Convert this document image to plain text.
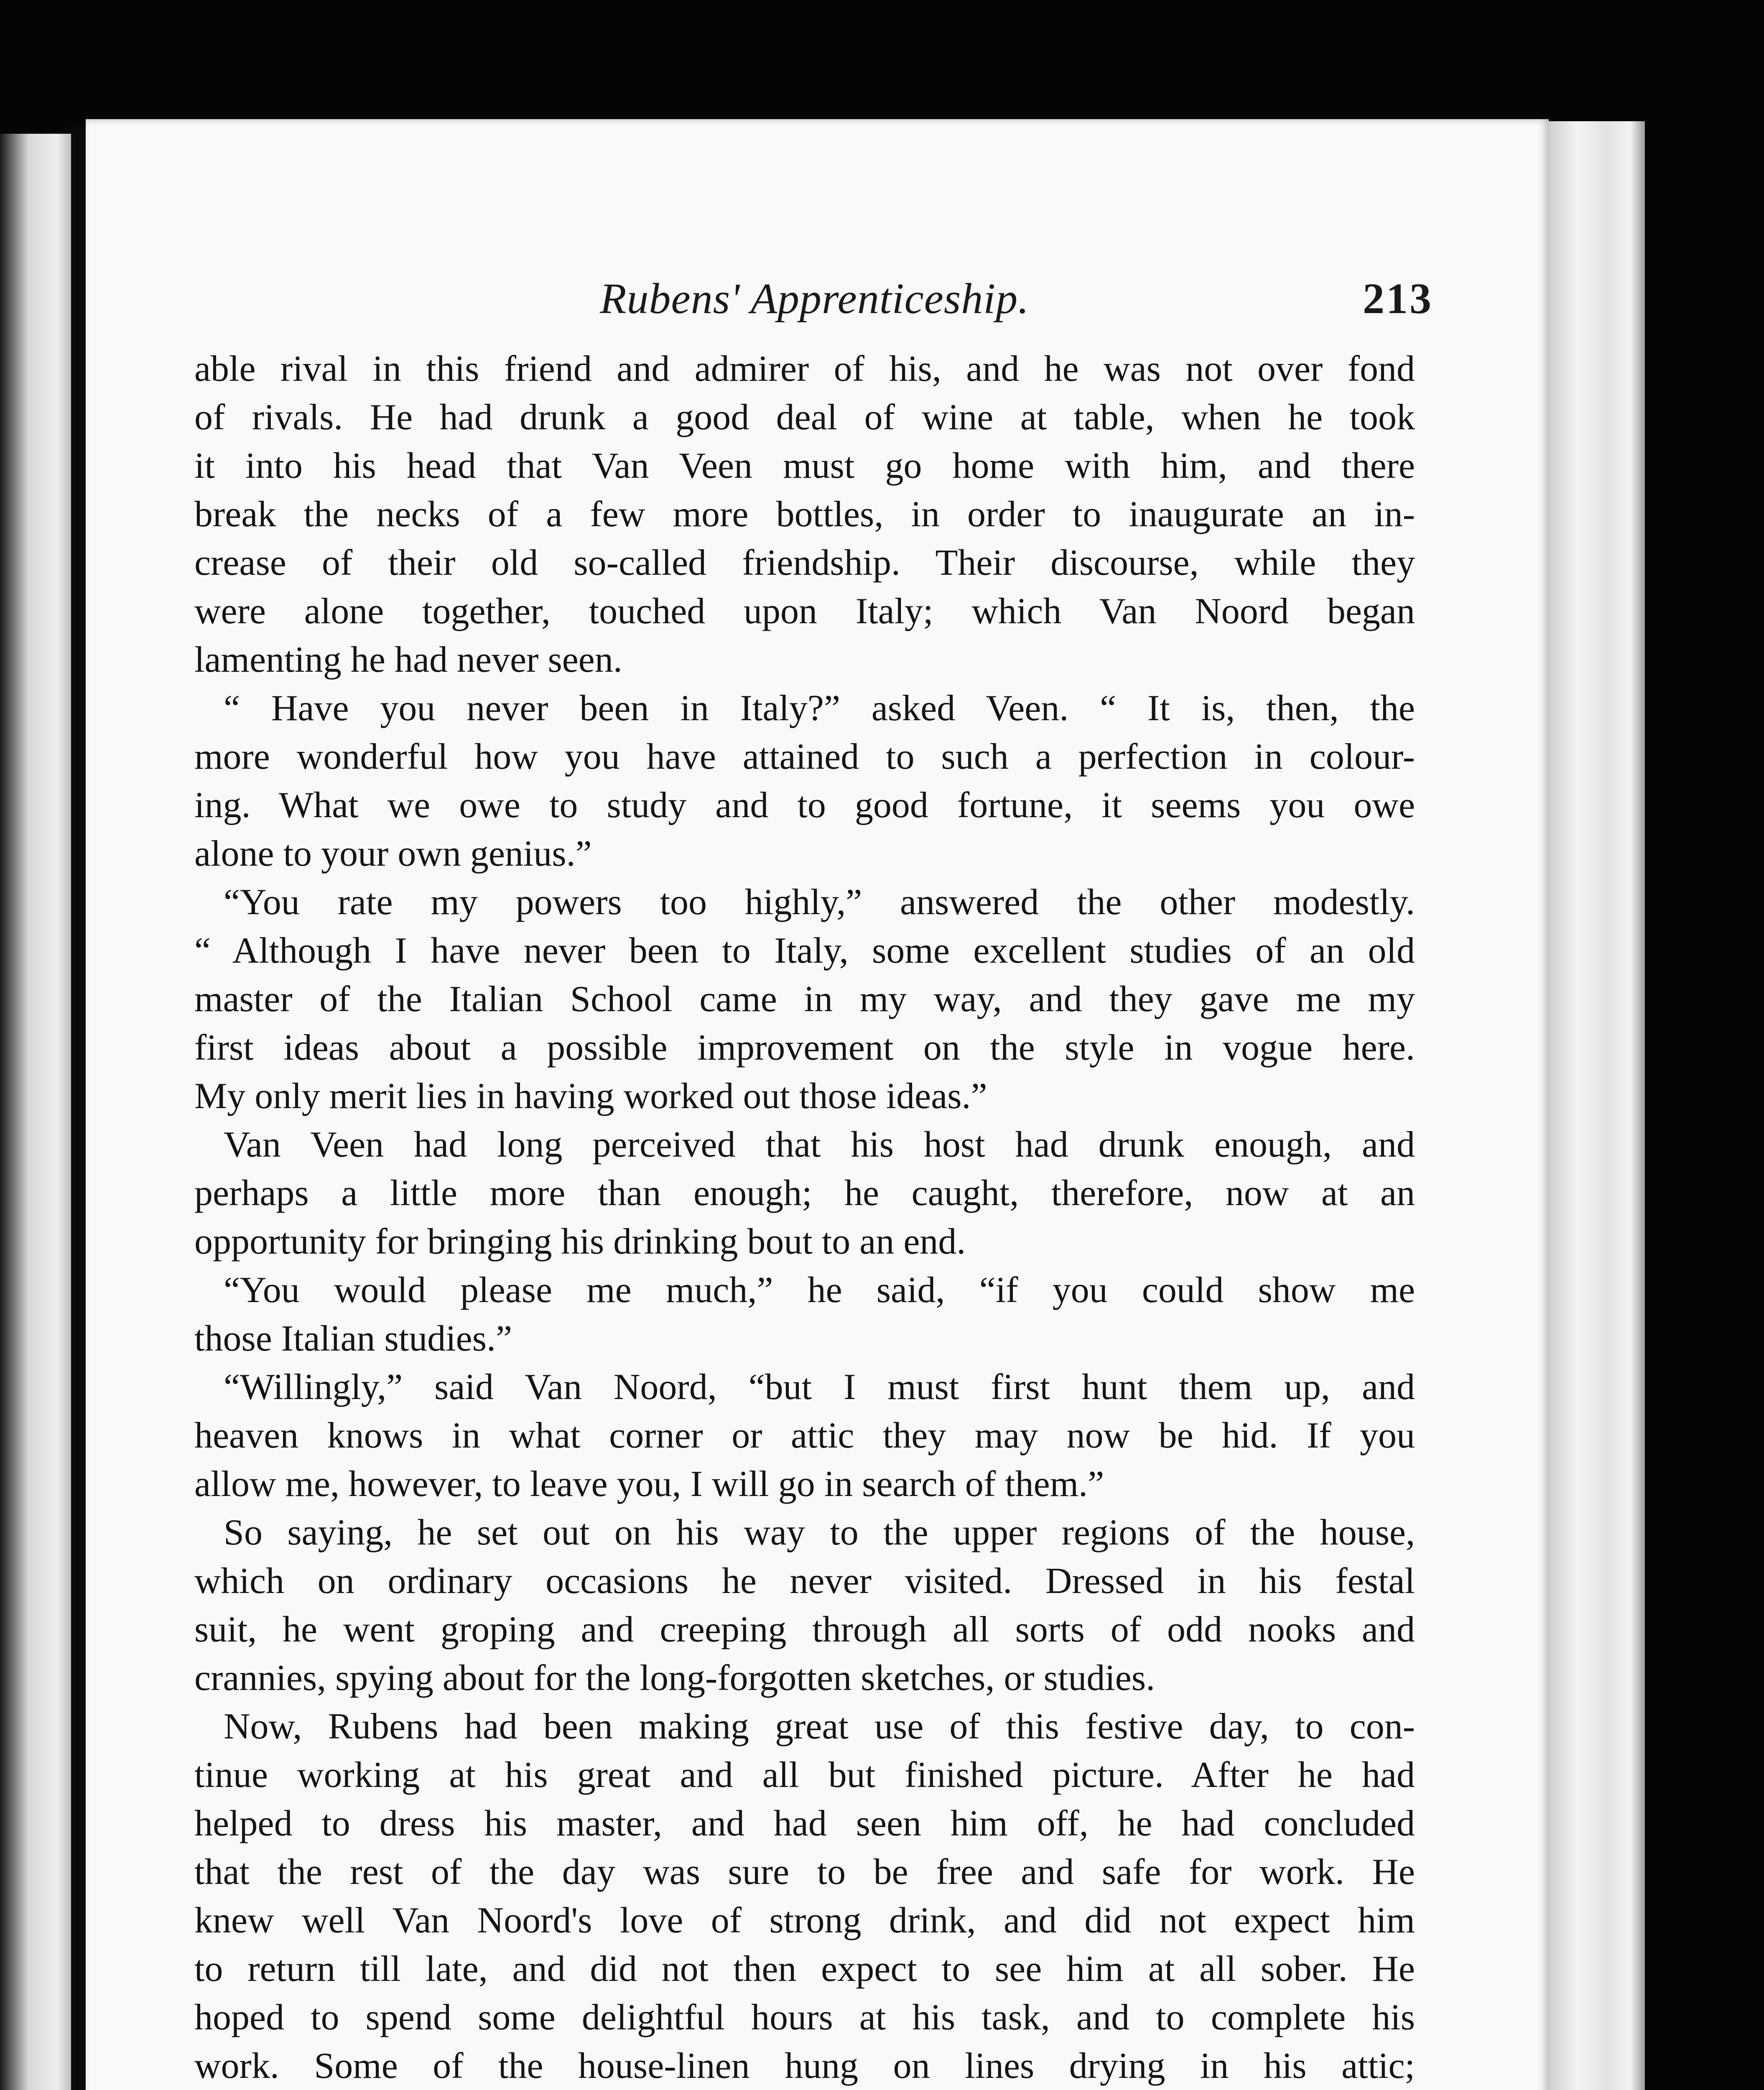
Rubens' Apprenticeship.	213
able rival in this friend and admirer of his, and he was not over fond
of rivals. He had drunk a good deal of wine at table, when he took
it into his head that Van Veen must go home with him, and there
break the necks of a few more bottles, in order to inaugurate an in-
crease of their old so-called friendship. Their discourse, while they
were alone together, touched upon Italy; which Van Noord began
lamenting he had never seen.
“ Have you never been in Italy?” asked Veen. “ It is, then, the
more wonderful how you have attained to such a perfection in colour-
ing. What we owe to study and to good fortune, it seems you owe
alone to your own genius.”
“You rate my powers too highly,” answered the other modestly.
“ Although I have never been to Italy, some excellent studies of an old
master of the Italian School came in my way, and they gave me my
first ideas about a possible improvement on the style in vogue here.
My only merit lies in having worked out those ideas.”
Van Veen had long perceived that his host had drunk enough, and
perhaps a little more than enough; he caught, therefore, now at an
opportunity for bringing his drinking bout to an end.
“You would please me much,” he said, “if you could show me
those Italian studies.”
“Willingly,” said Van Noord, “but I must first hunt them up, and
heaven knows in what corner or attic they may now be hid. If you
allow me, however, to leave you, I will go in search of them.”
So saying, he set out on his way to the upper regions of the house,
which on ordinary occasions he never visited. Dressed in his festal
suit, he went groping and creeping through all sorts of odd nooks and
crannies, spying about for the long-forgotten sketches, or studies.
Now, Rubens had been making great use of this festive day, to con-
tinue working at his great and all but finished picture. After he had
helped to dress his master, and had seen him off, he had concluded
that the rest of the day was sure to be free and safe for work. He
knew well Van Noord's love of strong drink, and did not expect him
to return till late, and did not then expect to see him at all sober. He
hoped to spend some delightful hours at his task, and to complete his
work. Some of the house-linen hung on lines drying in his attic;
